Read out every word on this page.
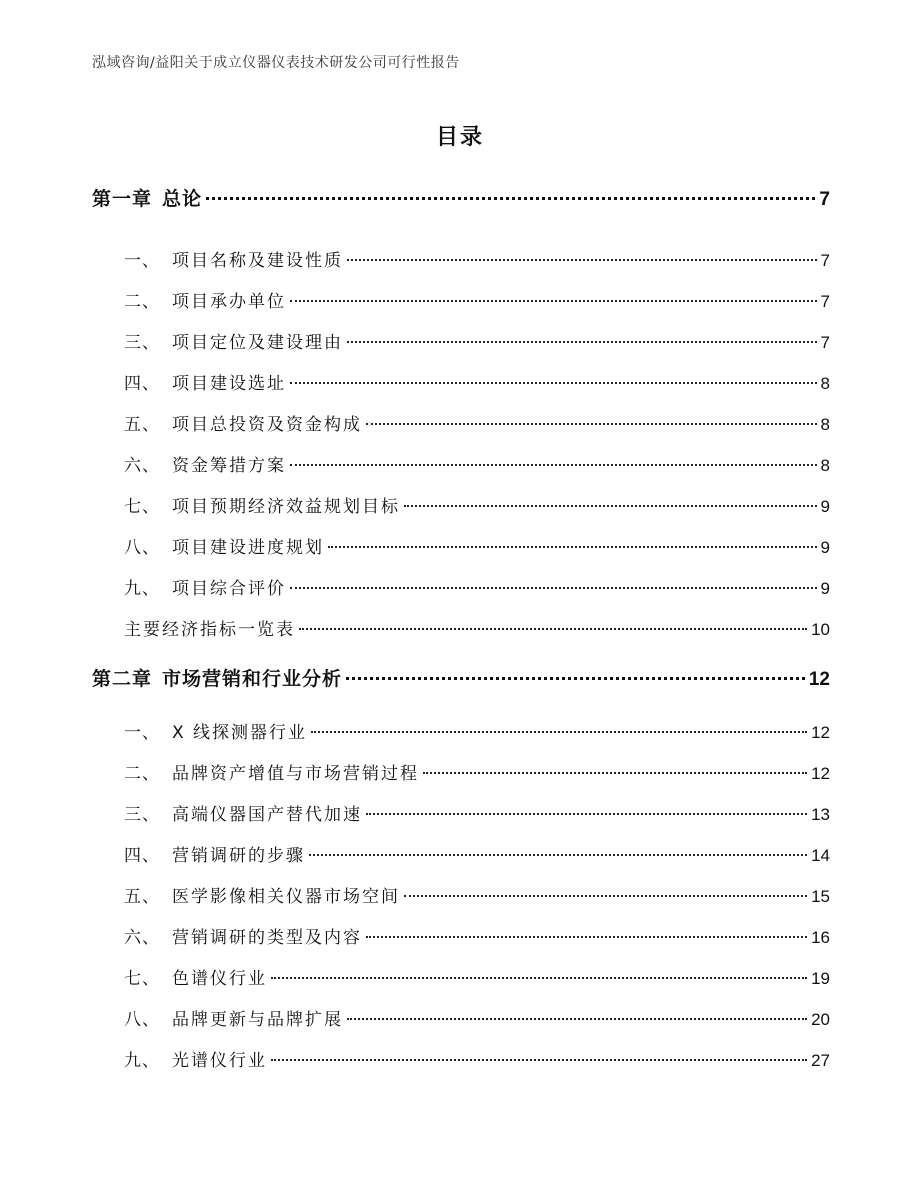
泓域咨询/益阳关于成立仪器仪表技术研发公司可行性报告
目录
第一章 总论	7
一、 项目名称及建设性质	7
二、 项目承办单位	7
三、 项目定位及建设理由	7
四、 项目建设选址	8
五、 项目总投资及资金构成	8
六、 资金筹措方案	8
七、 项目预期经济效益规划目标	9
八、 项目建设进度规划	9
九、 项目综合评价	9
主要经济指标一览表	10
第二章 市场营销和行业分析	12
一、 X 线探测器行业	12
二、 品牌资产增值与市场营销过程	12
三、 高端仪器国产替代加速	13
四、 营销调研的步骤	14
五、 医学影像相关仪器市场空间	15
六、 营销调研的类型及内容	16
七、 色谱仪行业	19
八、 品牌更新与品牌扩展	20
九、 光谱仪行业	27
